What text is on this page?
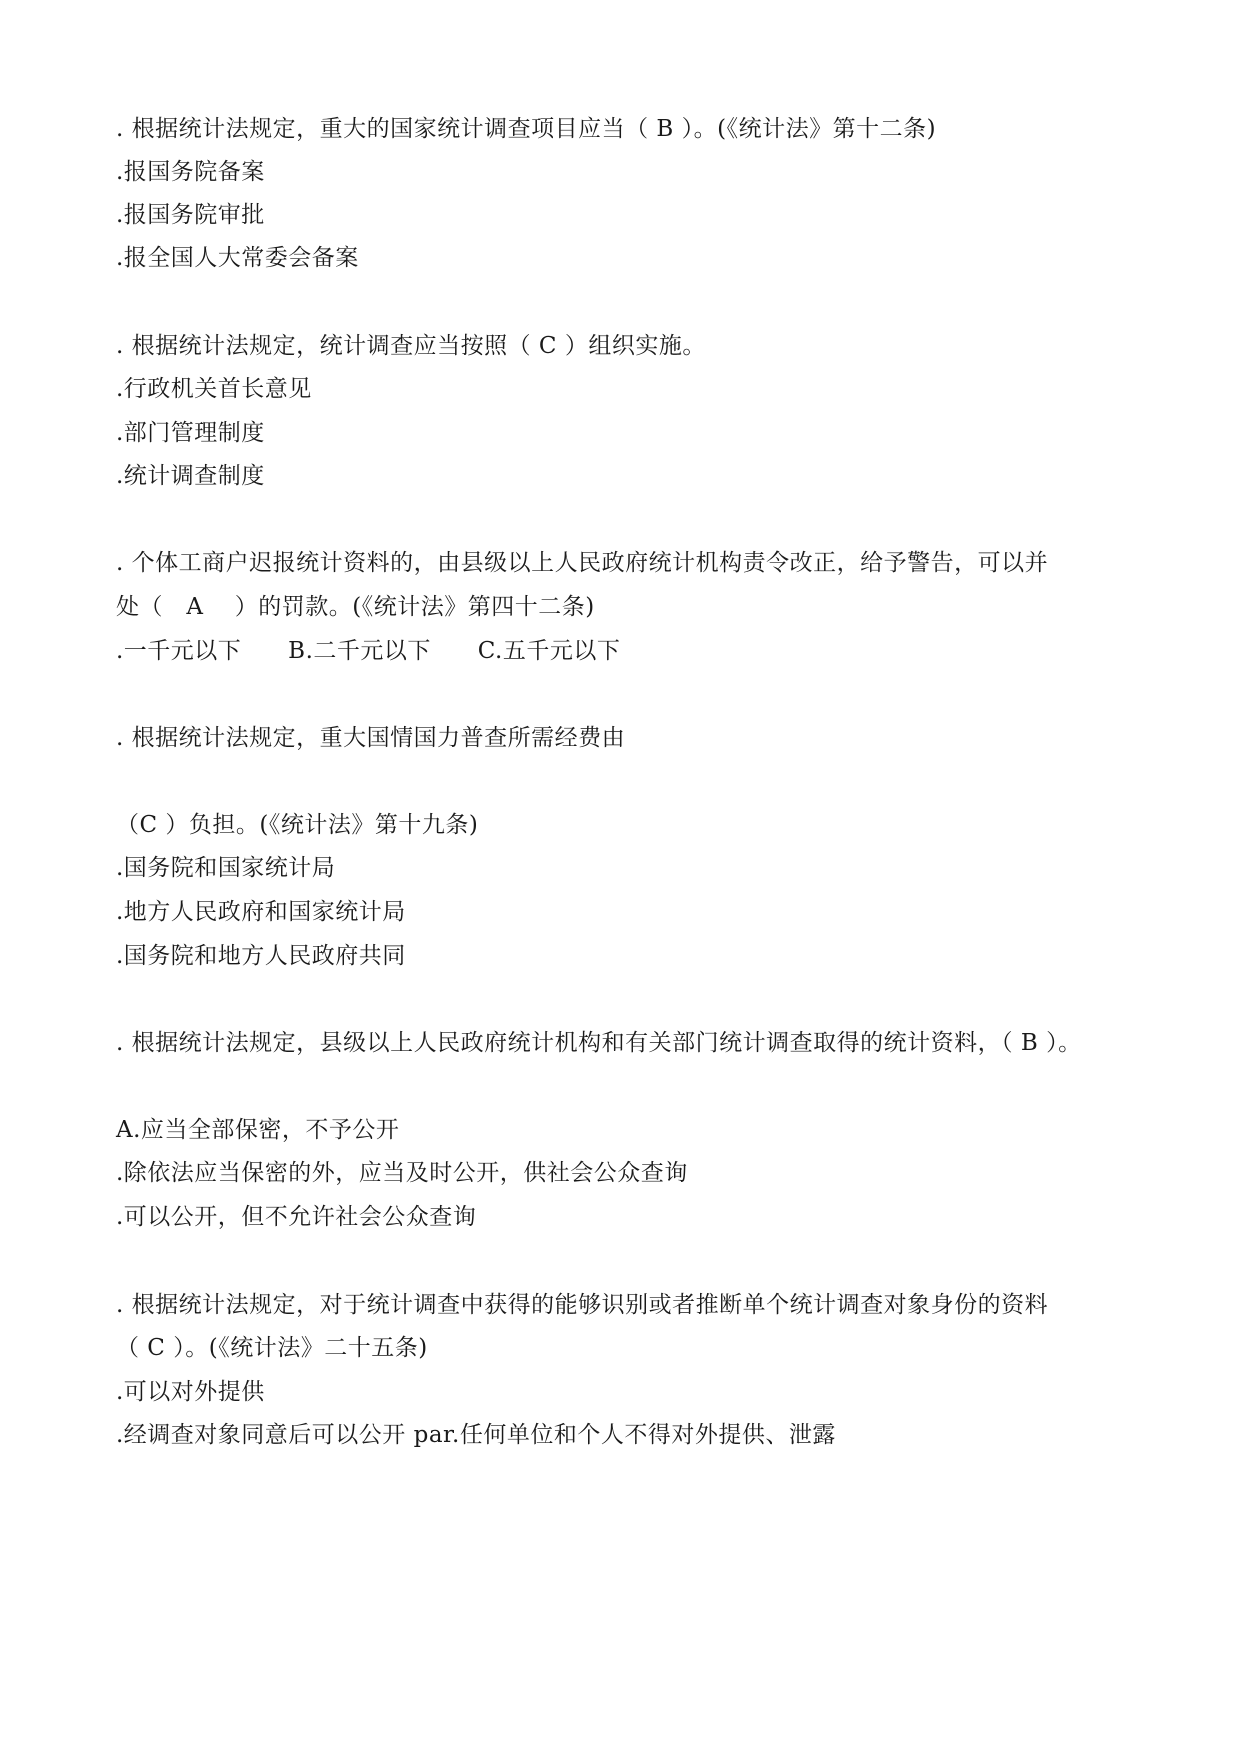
. 根据统计法规定，重大的国家统计调查项目应当（ B ）。(《统计法》第十二条)
.报国务院备案
.报国务院审批
.报全国人大常委会备案
. 根据统计法规定，统计调查应当按照（ C ）组织实施。
.行政机关首长意见
.部门管理制度
.统计调查制度
. 个体工商户迟报统计资料的，由县级以上人民政府统计机构责令改正，给予警告，可以并
处（   A    ）的罚款。(《统计法》第四十二条)
.一千元以下      B.二千元以下      C.五千元以下
. 根据统计法规定，重大国情国力普查所需经费由
（C ）负担。(《统计法》第十九条)
.国务院和国家统计局
.地方人民政府和国家统计局
.国务院和地方人民政府共同
. 根据统计法规定，县级以上人民政府统计机构和有关部门统计调查取得的统计资料，（ B ）。
A.应当全部保密，不予公开
.除依法应当保密的外，应当及时公开，供社会公众查询
.可以公开，但不允许社会公众查询
. 根据统计法规定，对于统计调查中获得的能够识别或者推断单个统计调查对象身份的资料
（ C ）。(《统计法》二十五条)
.可以对外提供
.经调查对象同意后可以公开 par.任何单位和个人不得对外提供、泄露
